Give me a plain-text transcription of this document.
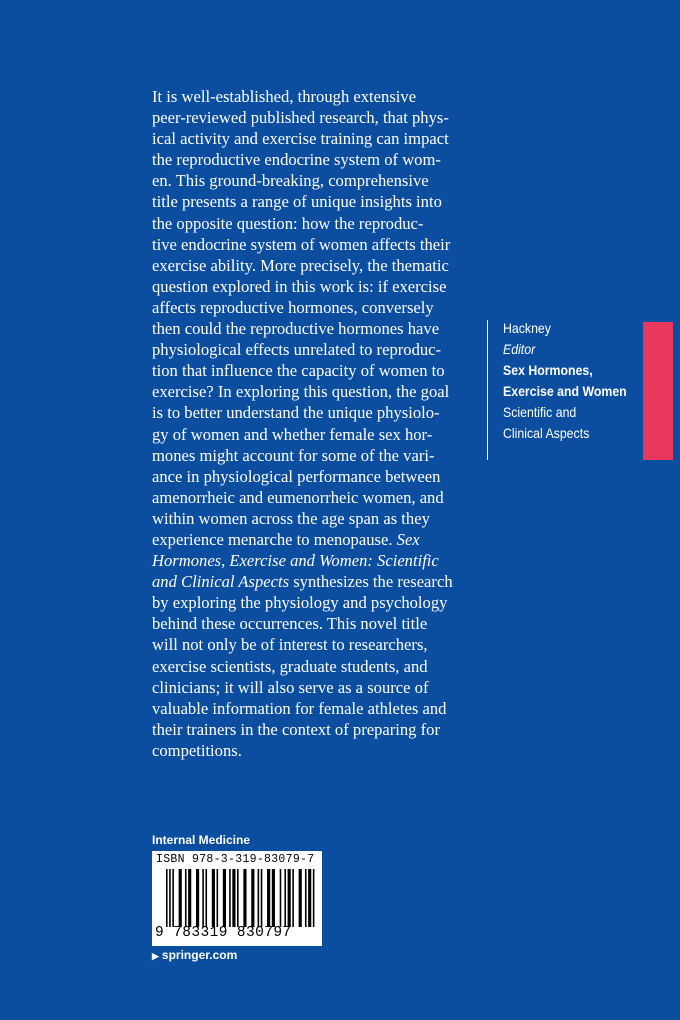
It is well-established, through extensive
peer-reviewed published research, that phys-
ical activity and exercise training can impact
the reproductive endocrine system of wom-
en. This ground-breaking, comprehensive
title presents a range of unique insights into
the opposite question: how the reproduc-
tive endocrine system of women affects their
exercise ability. More precisely, the thematic
question explored in this work is: if exercise
affects reproductive hormones, conversely
then could the reproductive hormones have
physiological effects unrelated to reproduc-
tion that influence the capacity of women to
exercise? In exploring this question, the goal
is to better understand the unique physiolo-
gy of women and whether female sex hor-
mones might account for some of the vari-
ance in physiological performance between
amenorrheic and eumenorrheic women, and
within women across the age span as they
experience menarche to menopause. Sex
Hormones, Exercise and Women: Scientific
and Clinical Aspects synthesizes the research
by exploring the physiology and psychology
behind these occurrences. This novel title
will not only be of interest to researchers,
exercise scientists, graduate students, and
clinicians; it will also serve as a source of
valuable information for female athletes and
their trainers in the context of preparing for
competitions.
Hackney
Editor
Sex Hormones,
Exercise and Women
Scientific and
Clinical Aspects
Internal Medicine
ISBN 978-3-319-83079-7
9 783319 830797
▶ springer.com
